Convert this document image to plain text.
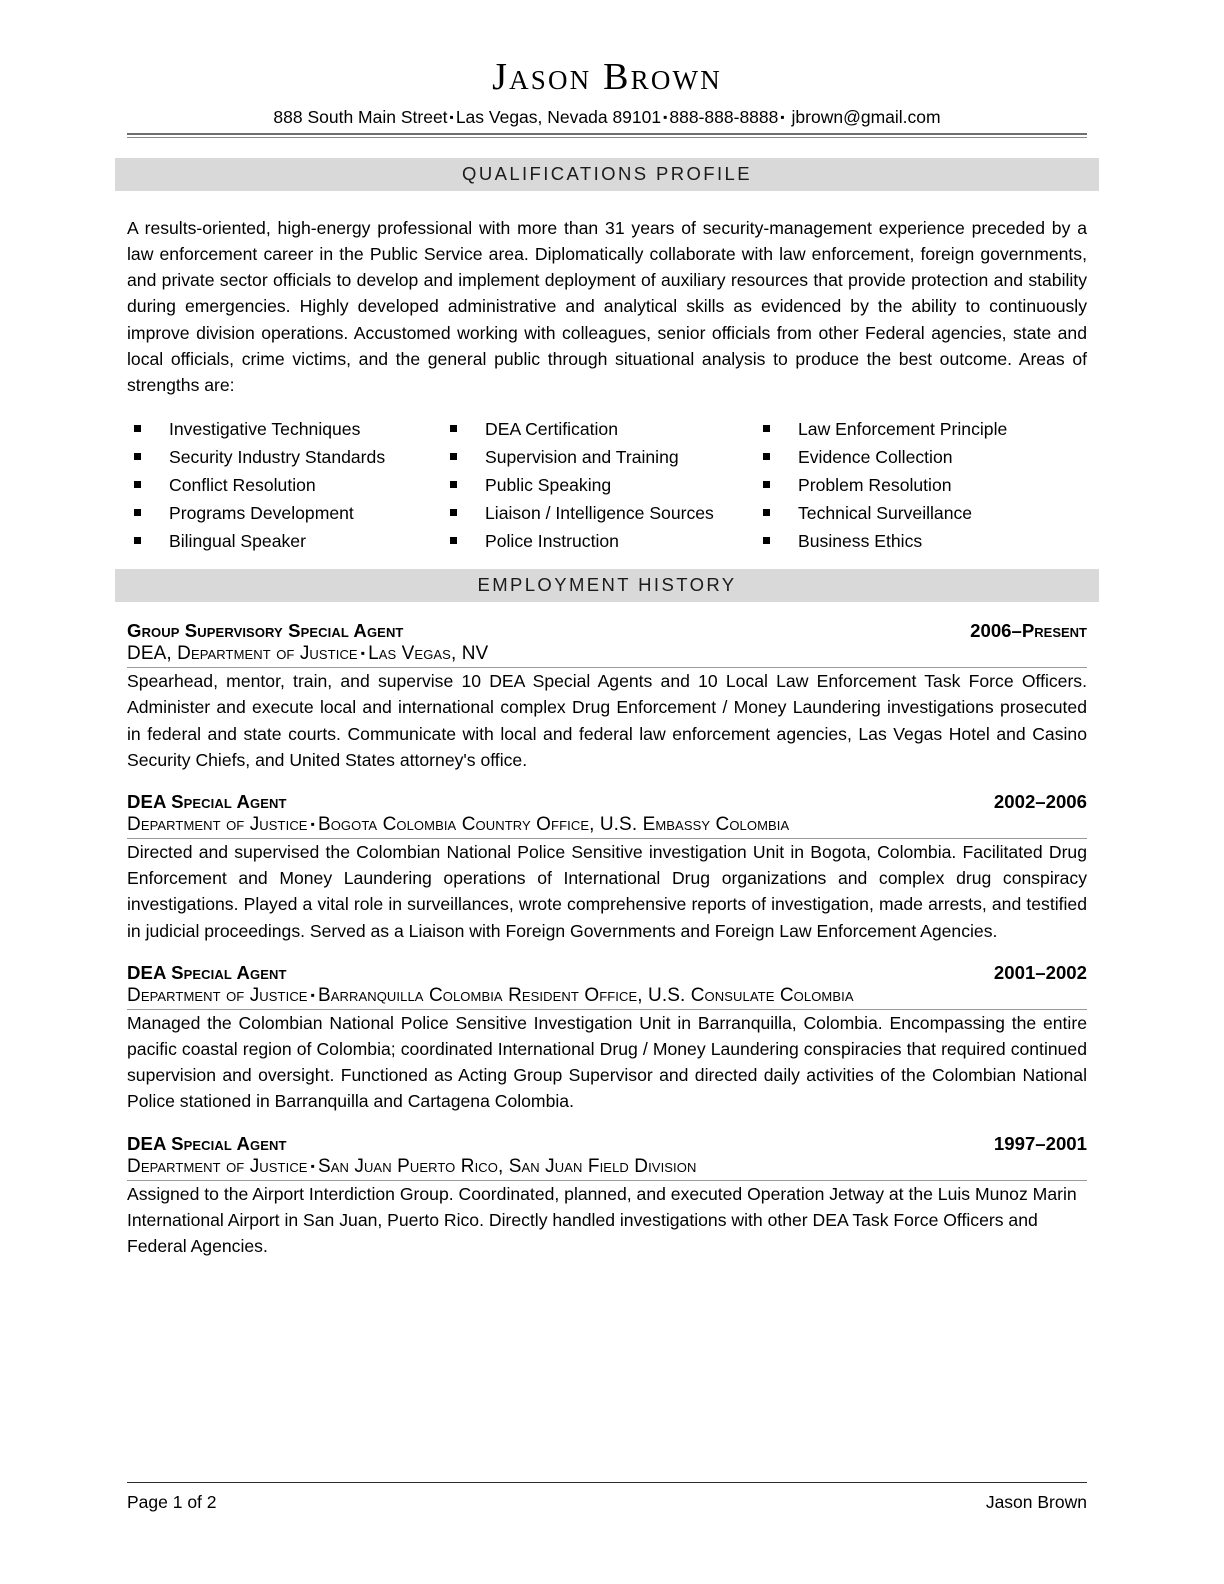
Jason Brown
888 South Main Street ▪ Las Vegas, Nevada 89101 ▪ 888-888-8888 ▪ jbrown@gmail.com
QUALIFICATIONS PROFILE

A results-oriented, high-energy professional with more than 31 years of security-management experience preceded by a law enforcement career in the Public Service area. Diplomatically collaborate with law enforcement, foreign governments, and private sector officials to develop and implement deployment of auxiliary resources that provide protection and stability during emergencies. Highly developed administrative and analytical skills as evidenced by the ability to continuously improve division operations. Accustomed working with colleagues, senior officials from other Federal agencies, state and local officials, crime victims, and the general public through situational analysis to produce the best outcome. Areas of strengths are:

Investigative Techniques
Security Industry Standards
Conflict Resolution
Programs Development
Bilingual Speaker
DEA Certification
Supervision and Training
Public Speaking
Liaison / Intelligence Sources
Police Instruction
Law Enforcement Principle
Evidence Collection
Problem Resolution
Technical Surveillance
Business Ethics
EMPLOYMENT HISTORY
Group Supervisory Special Agent	2006–Present
DEA, Department of Justice ▪ Las Vegas, NV

Spearhead, mentor, train, and supervise 10 DEA Special Agents and 10 Local Law Enforcement Task Force Officers. Administer and execute local and international complex Drug Enforcement / Money Laundering investigations prosecuted in federal and state courts. Communicate with local and federal law enforcement agencies, Las Vegas Hotel and Casino Security Chiefs, and United States attorney's office.

DEA Special Agent	2002–2006
Department of Justice ▪ Bogota Colombia Country Office, U.S. Embassy Colombia

Directed and supervised the Colombian National Police Sensitive investigation Unit in Bogota, Colombia. Facilitated Drug Enforcement and Money Laundering operations of International Drug organizations and complex drug conspiracy investigations. Played a vital role in surveillances, wrote comprehensive reports of investigation, made arrests, and testified in judicial proceedings. Served as a Liaison with Foreign Governments and Foreign Law Enforcement Agencies.

DEA Special Agent	2001–2002
Department of Justice ▪ Barranquilla Colombia Resident Office, U.S. Consulate Colombia

Managed the Colombian National Police Sensitive Investigation Unit in Barranquilla, Colombia. Encompassing the entire pacific coastal region of Colombia; coordinated International Drug / Money Laundering conspiracies that required continued supervision and oversight. Functioned as Acting Group Supervisor and directed daily activities of the Colombian National Police stationed in Barranquilla and Cartagena Colombia.

DEA Special Agent	1997–2001
Department of Justice ▪ San Juan Puerto Rico, San Juan Field Division

Assigned to the Airport Interdiction Group. Coordinated, planned, and executed Operation Jetway at the Luis Munoz Marin International Airport in San Juan, Puerto Rico. Directly handled investigations with other DEA Task Force Officers and Federal Agencies.

Page 1 of 2	Jason Brown
